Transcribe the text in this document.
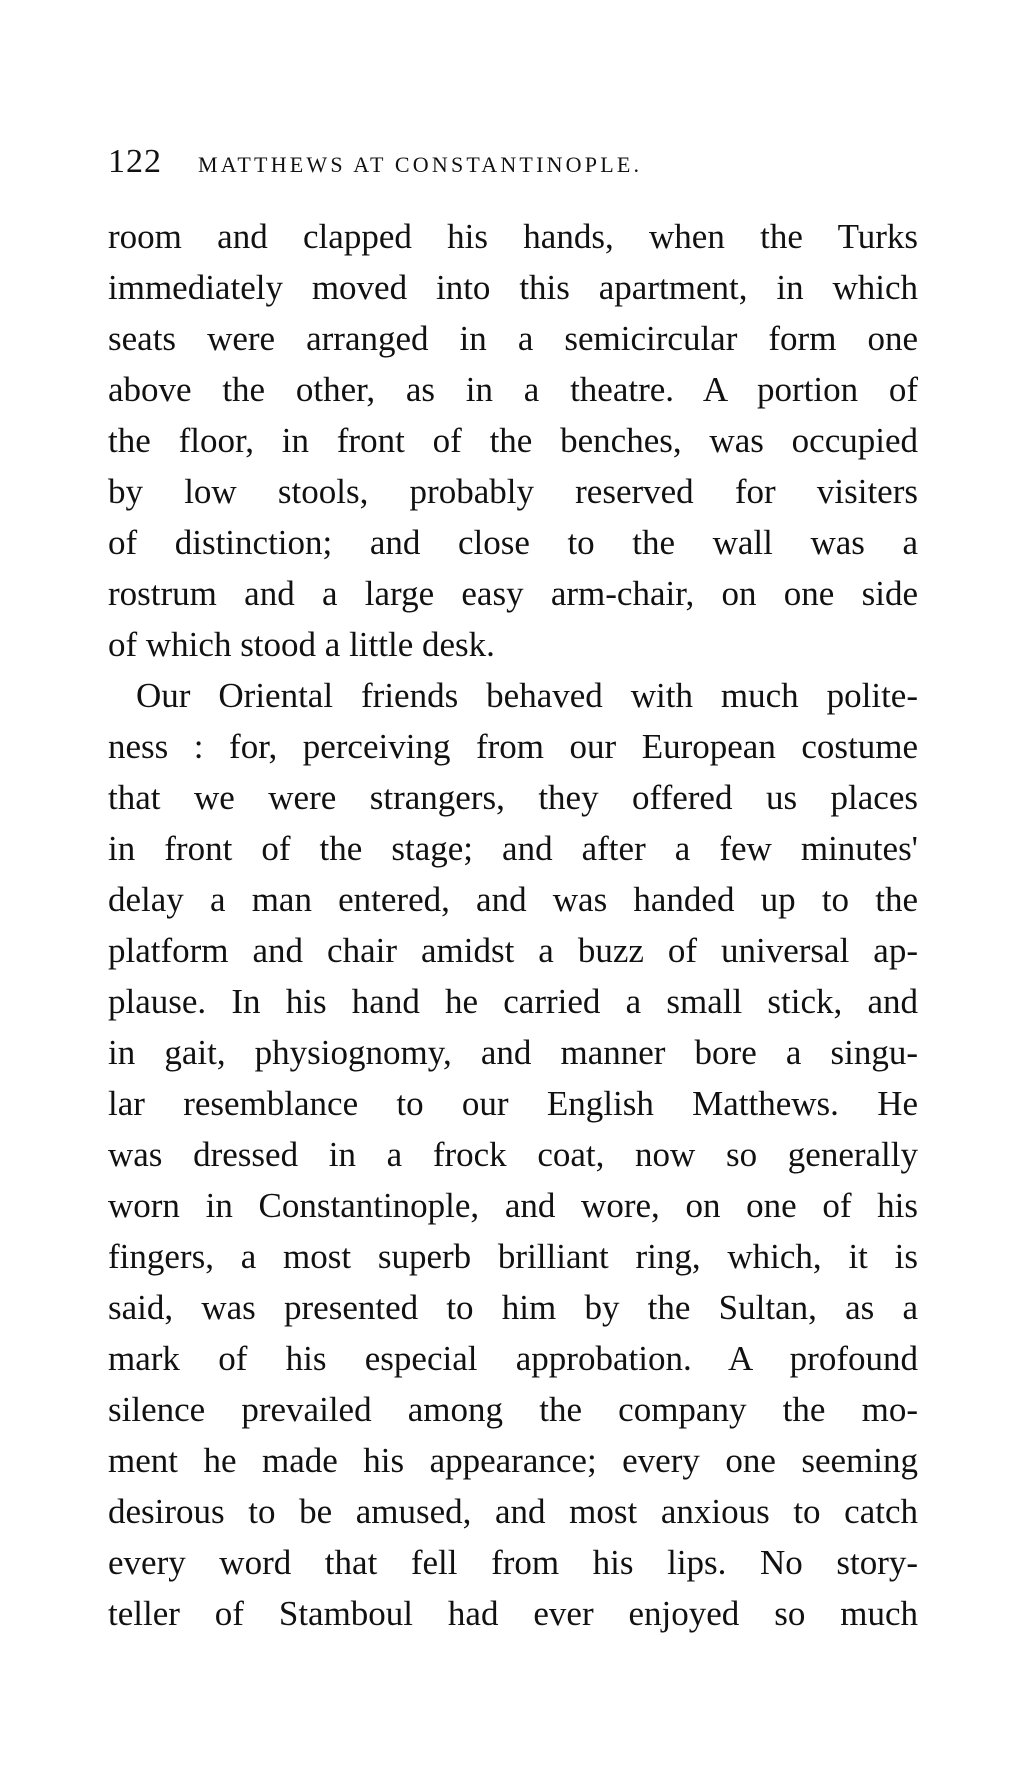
122 MATTHEWS AT CONSTANTINOPLE.
room and clapped his hands, when the Turks
immediately moved into this apartment, in which
seats were arranged in a semicircular form one
above the other, as in a theatre. A portion of
the floor, in front of the benches, was occupied
by low stools, probably reserved for visiters
of distinction; and close to the wall was a
rostrum and a large easy arm-chair, on one side
of which stood a little desk.
Our Oriental friends behaved with much polite-
ness : for, perceiving from our European costume
that we were strangers, they offered us places
in front of the stage; and after a few minutes'
delay a man entered, and was handed up to the
platform and chair amidst a buzz of universal ap-
plause. In his hand he carried a small stick, and
in gait, physiognomy, and manner bore a singu-
lar resemblance to our English Matthews. He
was dressed in a frock coat, now so generally
worn in Constantinople, and wore, on one of his
fingers, a most superb brilliant ring, which, it is
said, was presented to him by the Sultan, as a
mark of his especial approbation. A profound
silence prevailed among the company the mo-
ment he made his appearance; every one seeming
desirous to be amused, and most anxious to catch
every word that fell from his lips. No story-
teller of Stamboul had ever enjoyed so much
